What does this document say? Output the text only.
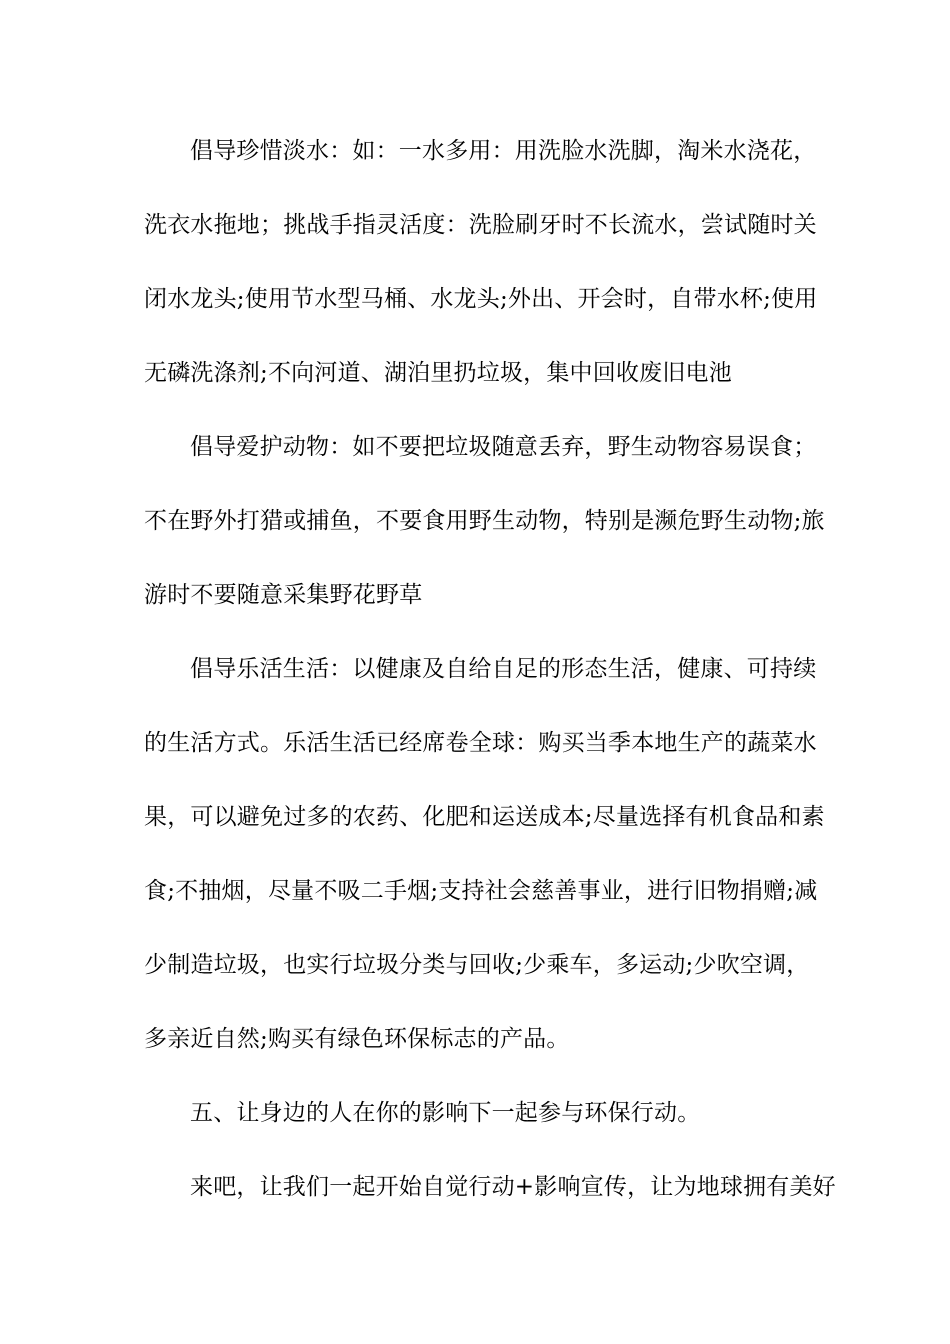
倡导珍惜淡水：如：一水多用：用洗脸水洗脚，淘米水浇花，
洗衣水拖地；挑战手指灵活度：洗脸刷牙时不长流水，尝试随时关
闭水龙头;使用节水型马桶、水龙头;外出、开会时，自带水杯;使用
无磷洗涤剂;不向河道、湖泊里扔垃圾，集中回收废旧电池

倡导爱护动物：如不要把垃圾随意丢弃，野生动物容易误食；
不在野外打猎或捕鱼，不要食用野生动物，特别是濒危野生动物;旅
游时不要随意采集野花野草

倡导乐活生活：以健康及自给自足的形态生活，健康、可持续
的生活方式。乐活生活已经席卷全球：购买当季本地生产的蔬菜水
果，可以避免过多的农药、化肥和运送成本;尽量选择有机食品和素
食;不抽烟，尽量不吸二手烟;支持社会慈善事业，进行旧物捐赠;减
少制造垃圾，也实行垃圾分类与回收;少乘车，多运动;少吹空调，
多亲近自然;购买有绿色环保标志的产品。

五、让身边的人在你的影响下一起参与环保行动。

来吧，让我们一起开始自觉行动+影响宣传，让为地球拥有美好
